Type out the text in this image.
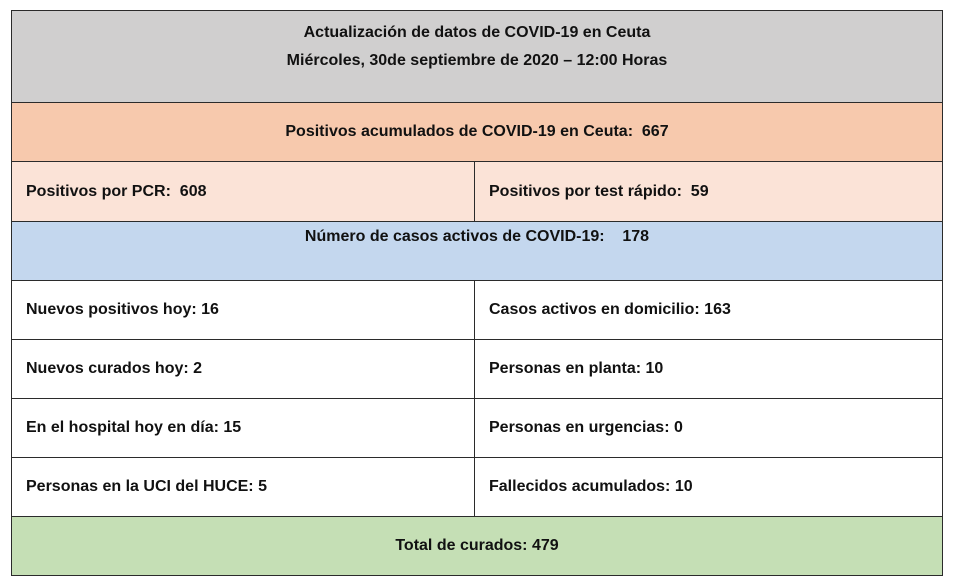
Actualización de datos de COVID-19 en Ceuta
Miércoles, 30de septiembre de 2020 – 12:00 Horas
Positivos acumulados de COVID-19 en Ceuta:  667
Positivos por PCR:  608	Positivos por test rápido:  59
Número de casos activos de COVID-19:    178
Nuevos positivos hoy: 16	Casos activos en domicilio: 163
Nuevos curados hoy: 2	Personas en planta: 10
En el hospital hoy en día: 15	Personas en urgencias: 0
Personas en la UCI del HUCE: 5	Fallecidos acumulados: 10
Total de curados: 479
